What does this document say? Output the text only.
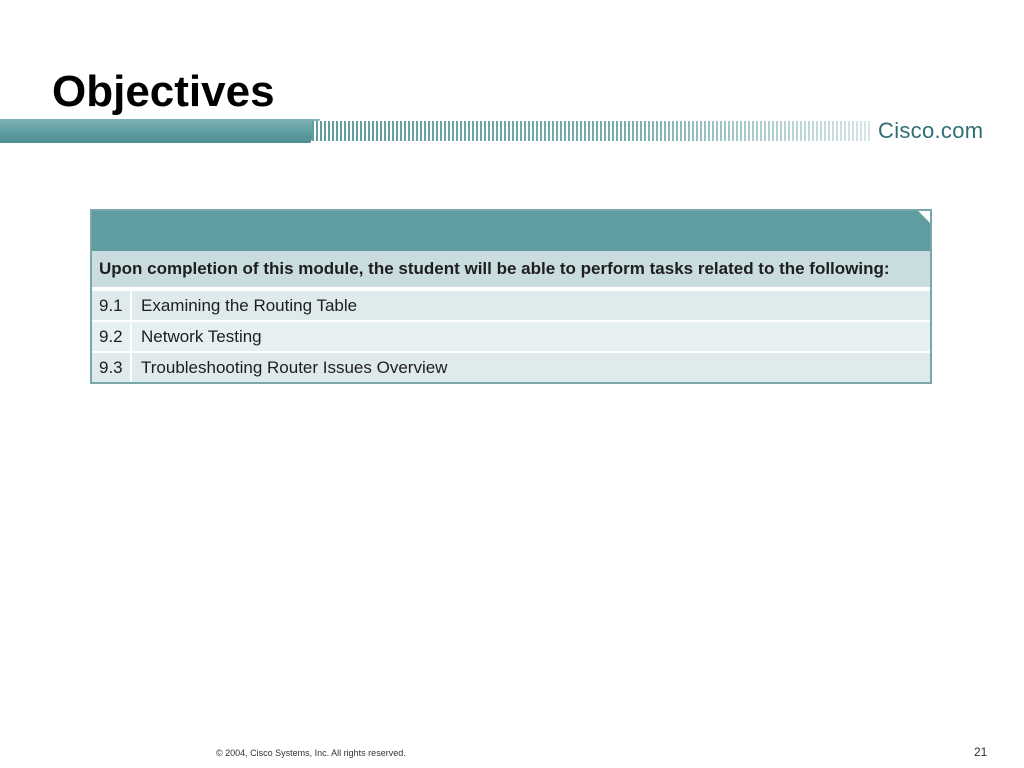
Objectives
Cisco.com
Upon completion of this module, the student will be able to perform tasks related to the following:
9.1	Examining the Routing Table
9.2	Network Testing
9.3	Troubleshooting Router Issues Overview
© 2004, Cisco Systems, Inc. All rights reserved.	21
